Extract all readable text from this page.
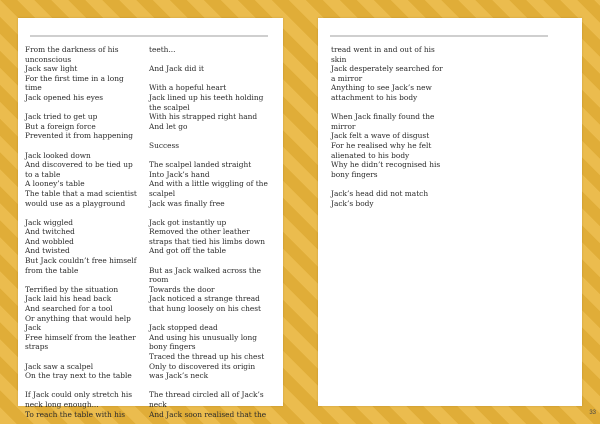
From the darkness of his
unconscious
Jack saw light
For the first time in a long
time
Jack opened his eyes
Jack tried to get up
But a foreign force
Prevented it from happening
Jack looked down
And discovered to be tied up
to a table
A looney’s table
The table that a mad scientist
would use as a playground
Jack wiggled
And twitched
And wobbled
And twisted
But Jack couldn’t free himself
from the table
Terrified by the situation
Jack laid his head back
And searched for a tool
Or anything that would help
Jack
Free himself from the leather
straps
Jack saw a scalpel
On the tray next to the table
If Jack could only stretch his
neck long enough...
To reach the table with his
teeth...
And Jack did it
With a hopeful heart
Jack lined up his teeth holding
the scalpel
With his strapped right hand
And let go
Success
The scalpel landed straight
Into Jack’s hand
And with a little wiggling of the
scalpel
Jack was finally free
Jack got instantly up
Removed the other leather
straps that tied his limbs down
And got off the table
But as Jack walked across the
room
Towards the door
Jack noticed a strange thread
that hung loosely on his chest
Jack stopped dead
And using his unusually long
bony fingers
Traced the thread up his chest
Only to discovered its origin
was Jack’s neck
The thread circled all of Jack’s
neck
And Jack soon realised that the
tread went in and out of his
skin
Jack desperately searched for
a mirror
Anything to see Jack’s new
attachment to his body
When Jack finally found the
mirror
Jack felt a wave of disgust
For he realised why he felt
alienated to his body
Why he didn’t recognised his
bony fingers
Jack’s head did not match
Jack’s body
33
